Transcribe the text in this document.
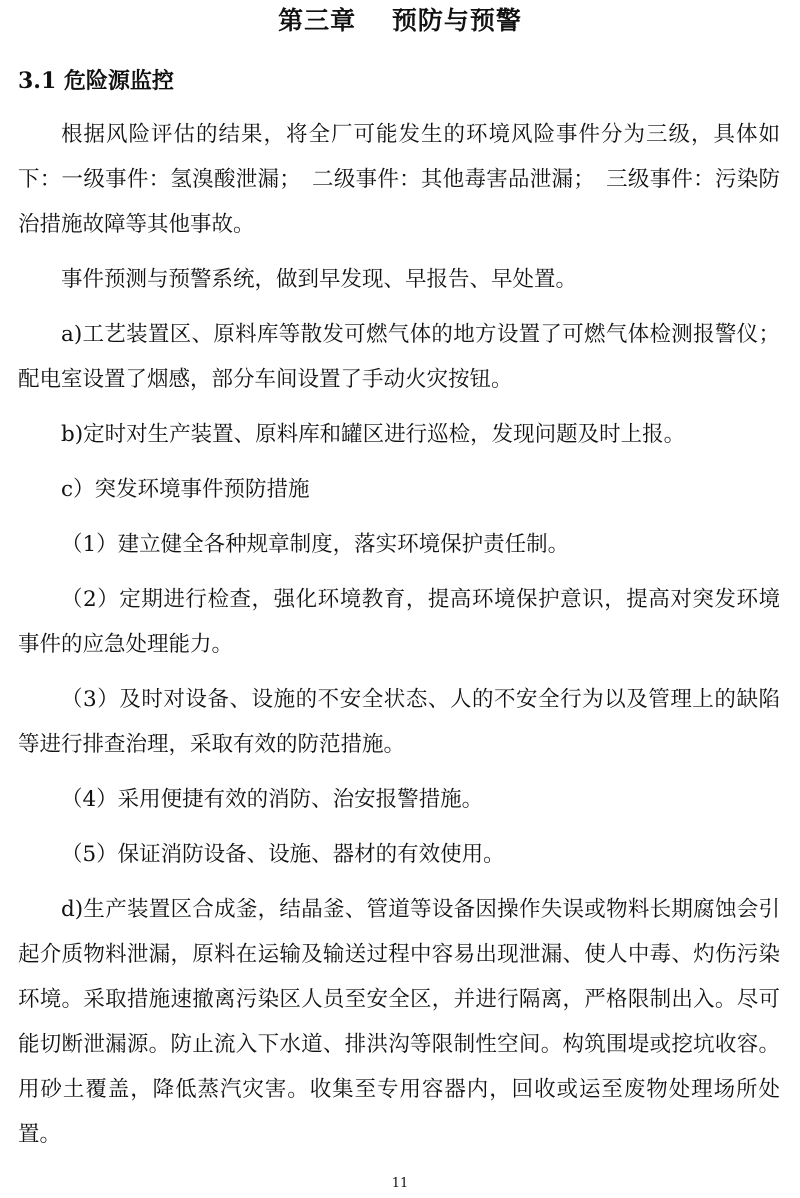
第三章　 预防与预警
3.1 危险源监控

根据风险评估的结果，将全厂可能发生的环境风险事件分为三级，具体如下：一级事件：氢溴酸泄漏；　二级事件：其他毒害品泄漏；　三级事件：污染防治措施故障等其他事故。

事件预测与预警系统，做到早发现、早报告、早处置。

a)工艺装置区、原料库等散发可燃气体的地方设置了可燃气体检测报警仪；配电室设置了烟感，部分车间设置了手动火灾按钮。

b)定时对生产装置、原料库和罐区进行巡检，发现问题及时上报。

c）突发环境事件预防措施

（1）建立健全各种规章制度，落实环境保护责任制。

（2）定期进行检查，强化环境教育，提高环境保护意识，提高对突发环境事件的应急处理能力。

（3）及时对设备、设施的不安全状态、人的不安全行为以及管理上的缺陷等进行排查治理，采取有效的防范措施。

（4）采用便捷有效的消防、治安报警措施。

（5）保证消防设备、设施、器材的有效使用。

d)生产装置区合成釜，结晶釜、管道等设备因操作失误或物料长期腐蚀会引起介质物料泄漏，原料在运输及输送过程中容易出现泄漏、使人中毒、灼伤污染环境。采取措施速撤离污染区人员至安全区，并进行隔离，严格限制出入。尽可能切断泄漏源。防止流入下水道、排洪沟等限制性空间。构筑围堤或挖坑收容。用砂土覆盖，降低蒸汽灾害。收集至专用容器内，回收或运至废物处理场所处置。

11
